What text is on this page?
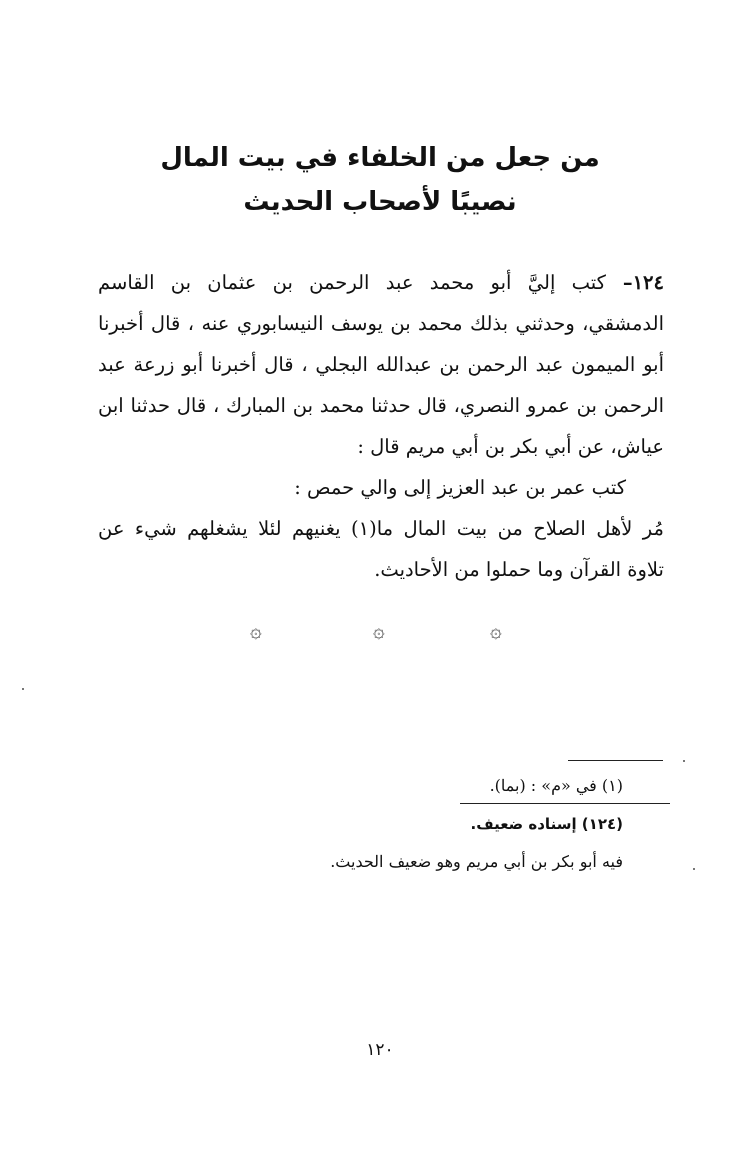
من جعل من الخلفاء في بيت المال
نصيبًا لأصحاب الحديث
١٢٤– كتب إليَّ أبو محمد عبد الرحمن بن عثمان بن القاسم
الدمشقي، وحدثني بذلك محمد بن يوسف النيسابوري عنه ، قال أخبرنا
أبو الميمون عبد الرحمن بن عبدالله البجلي ، قال أخبرنا أبو زرعة عبد
الرحمن بن عمرو النصري، قال حدثنا محمد بن المبارك ، قال حدثنا ابن
عياش، عن أبي بكر بن أبي مريم قال :
كتب عمر بن عبد العزيز إلى والي حمص :
مُر لأهل الصلاح من بيت المال ما(١) يغنيهم لئلا يشغلهم شيء عن
تلاوة القرآن وما حملوا من الأحاديث.
۞	۞	۞
(١) في «م» : (بما).
(١٢٤) إسناده ضعيف.
فيه أبو بكر بن أبي مريم وهو ضعيف الحديث.
١٢٠
